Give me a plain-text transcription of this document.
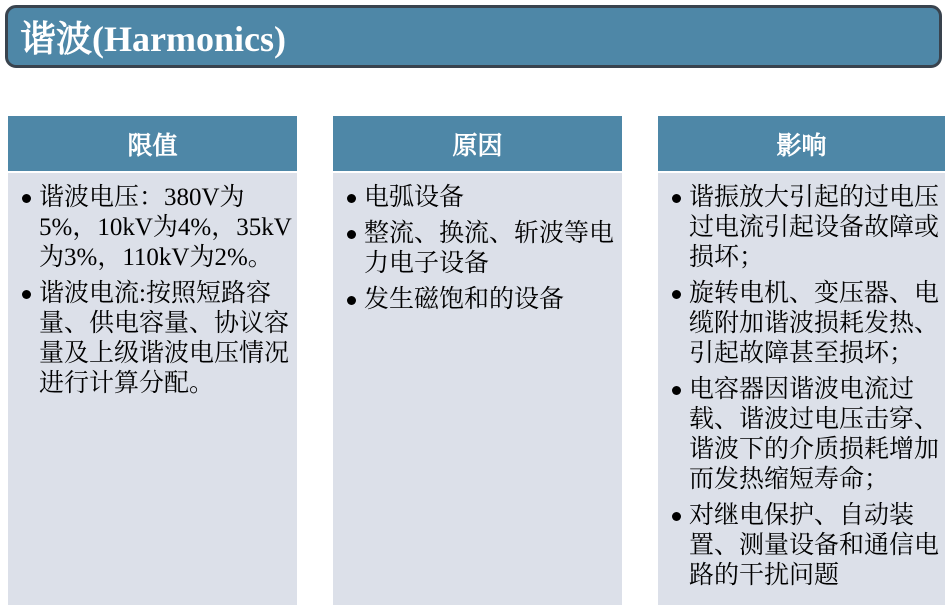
谐波(Harmonics)
限值
谐波电压：380V为5%，10kV为4%，35kV为3%，110kV为2%。
谐波电流:按照短路容量、供电容量、协议容量及上级谐波电压情况进行计算分配。
原因
电弧设备
整流、换流、斩波等电力电子设备
发生磁饱和的设备
影响
谐振放大引起的过电压过电流引起设备故障或损坏；
旋转电机、变压器、电缆附加谐波损耗发热、引起故障甚至损坏；
电容器因谐波电流过载、谐波过电压击穿、谐波下的介质损耗增加而发热缩短寿命；
对继电保护、自动装置、测量设备和通信电路的干扰问题
